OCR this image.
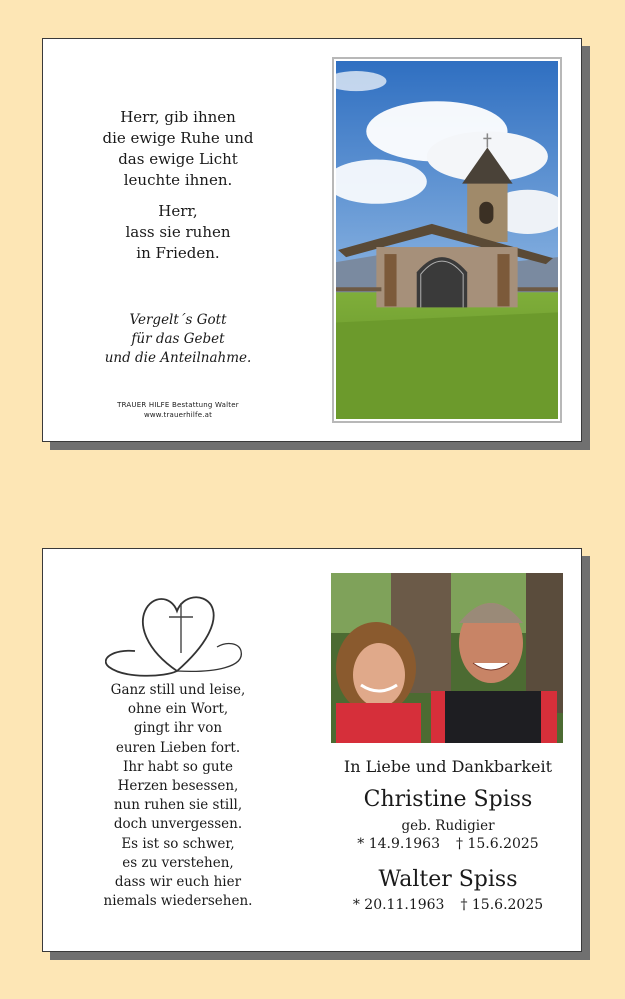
Herr, gib ihnen
die ewige Ruhe und
das ewige Licht
leuchte ihnen.
Herr,
lass sie ruhen
in Frieden.
Vergelt´s Gott
für das Gebet
und die Anteilnahme.
TRAUER HILFE Bestattung Walter
www.trauerhilfe.at
Ganz still und leise,
ohne ein Wort,
gingt ihr von
euren Lieben fort.
Ihr habt so gute
Herzen besessen,
nun ruhen sie still,
doch unvergessen.
Es ist so schwer,
es zu verstehen,
dass wir euch hier
niemals wiedersehen.
In Liebe und Dankbarkeit
Christine Spiss
geb. Rudigier
* 14.9.1963 † 15.6.2025
Walter Spiss
* 20.11.1963 † 15.6.2025
